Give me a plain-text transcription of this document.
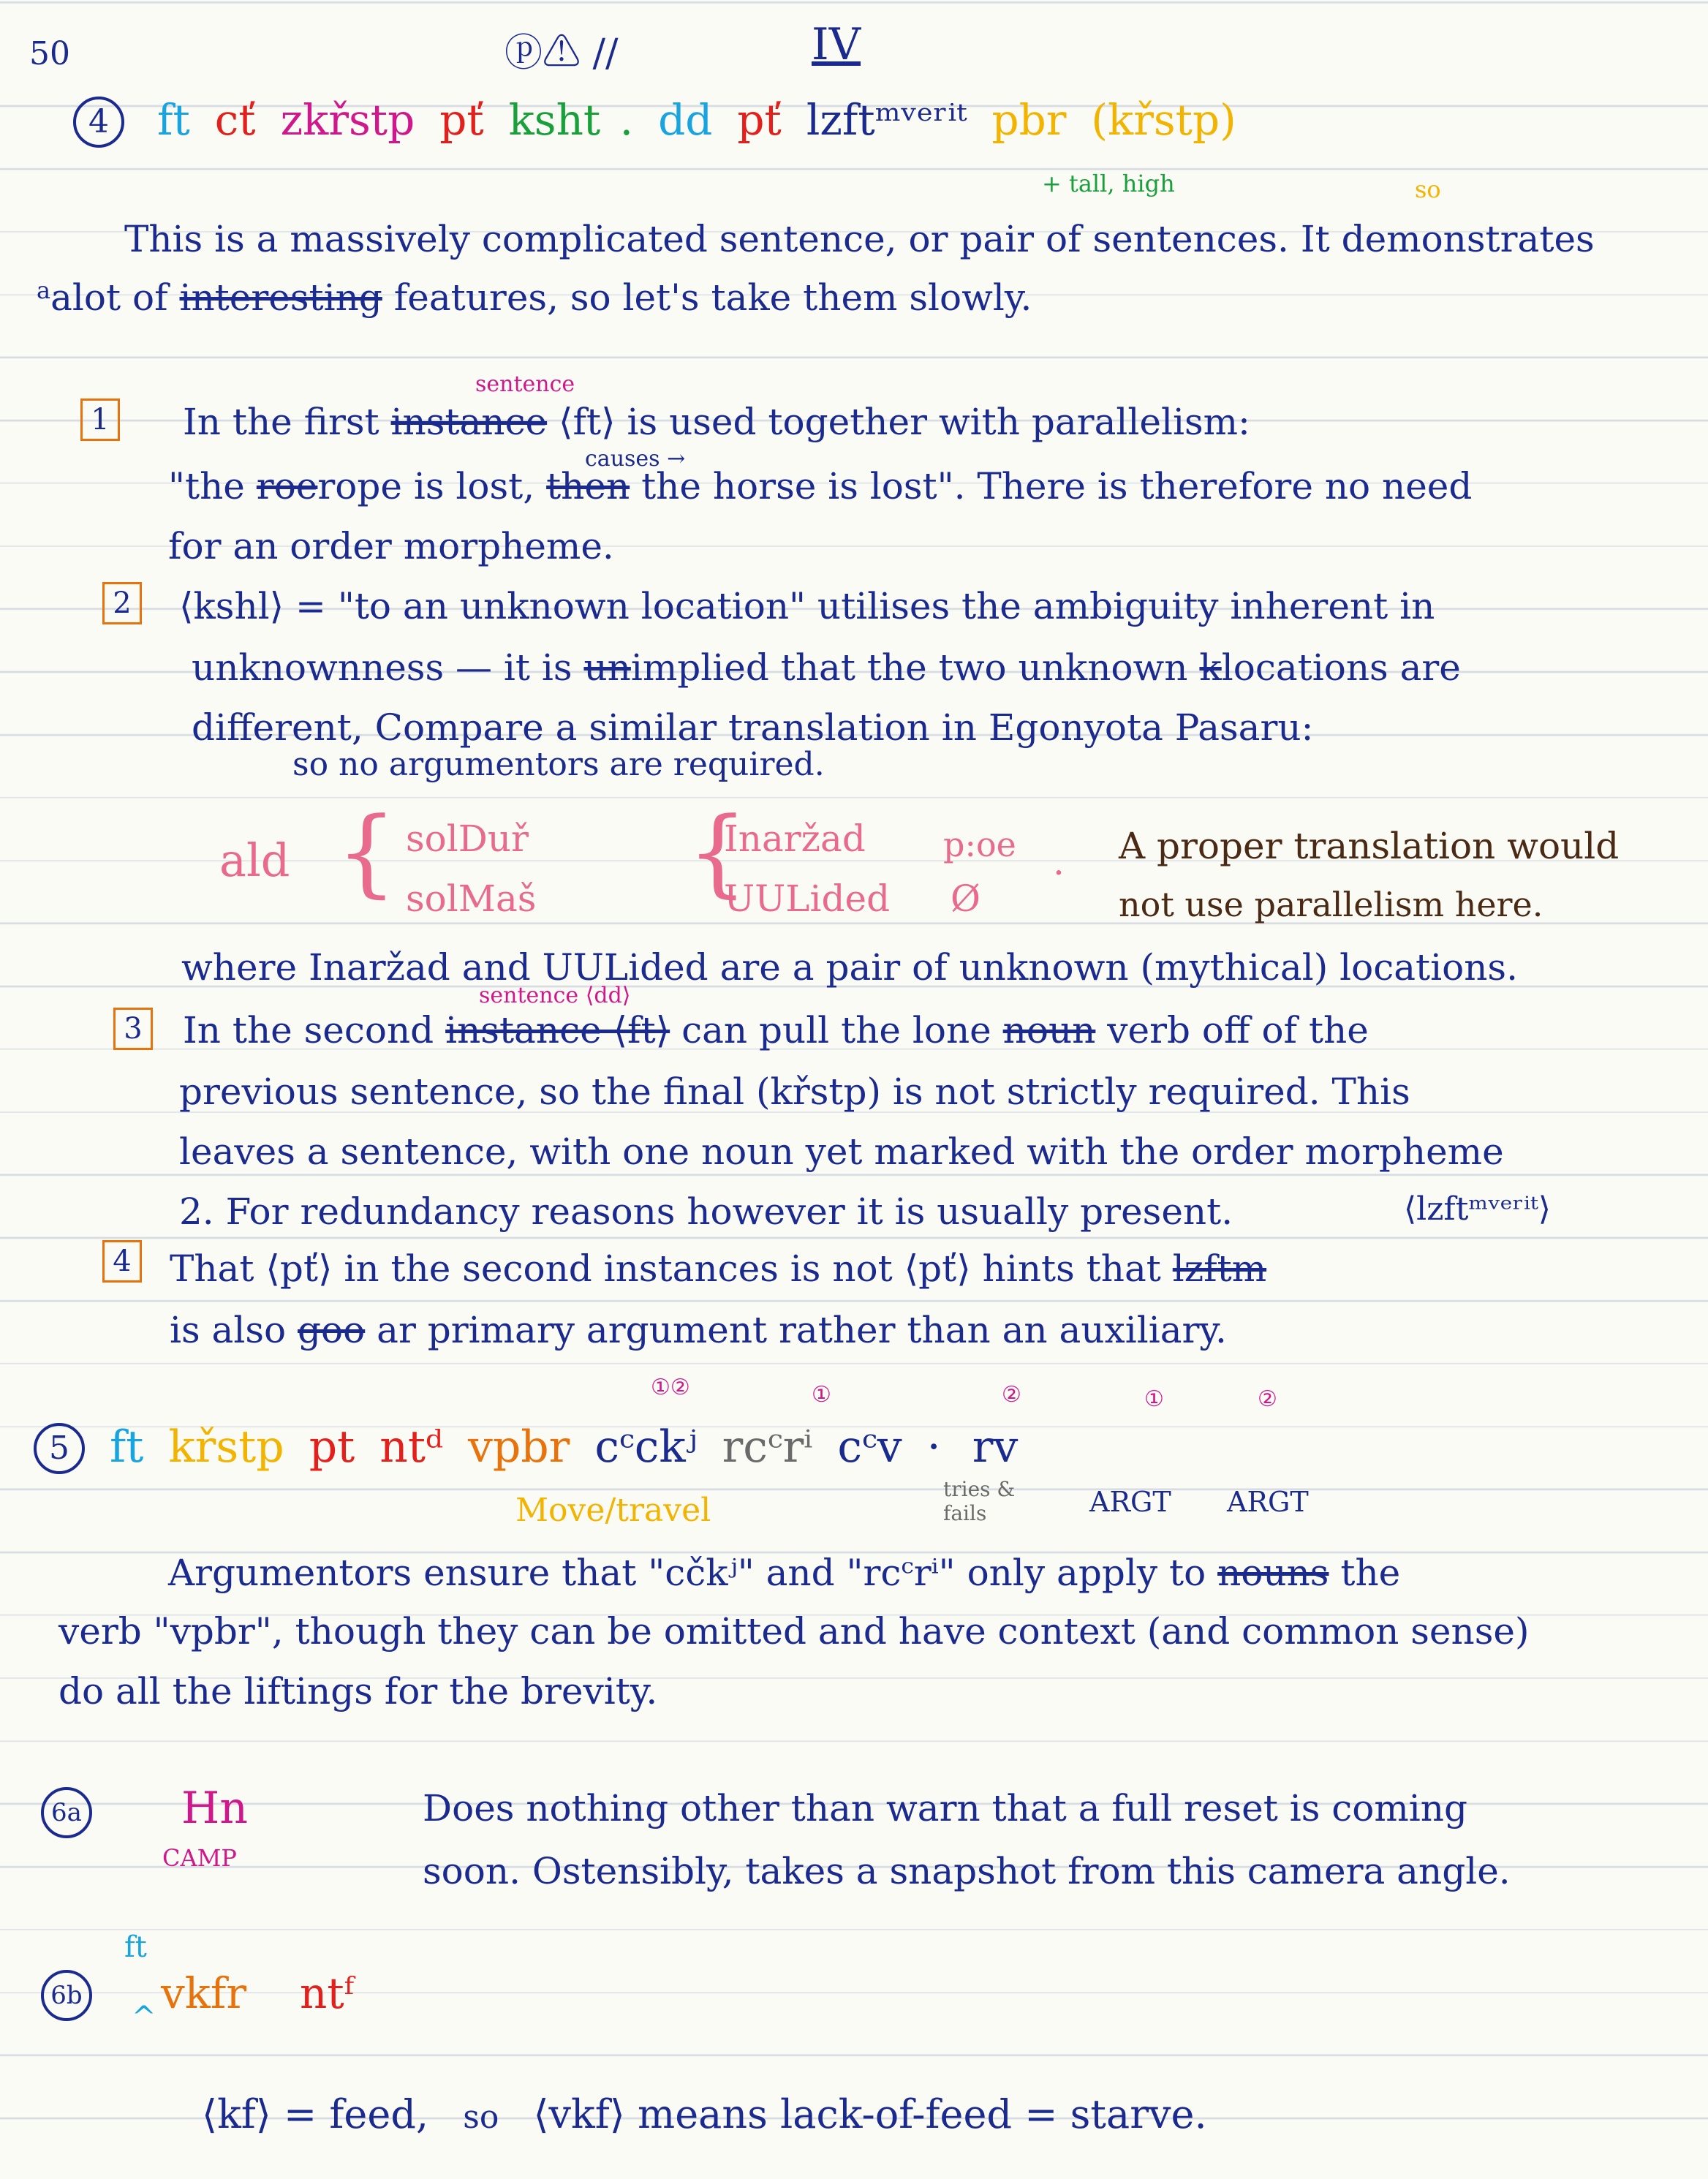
50	ⓟ⚠ //	IV
4	ft cť zkřstp pť ksht . dd pť lzftᵐᵛᵉʳⁱᵗ pbr (křstp)
+ tall, high	so
This is a massively complicated sentence, or pair of sentences. It demonstrates
$^a$alot of interesting features, so let's take them slowly.
sentence
1 In the first instance ⟨ft⟩ is used together with parallelism:
causes →
"the roerope is lost, then the horse is lost". There is therefore no need
for an order morpheme.
2 ⟨kshl⟩ = "to an unknown location" utilises the ambiguity inherent in
unknownness — it is unimplied that the two unknown klocations are
different, Compare a similar translation in Egonyota Pasaru:
so no argumentors are required.
ald { solDuř
solMaš {
Inaržad
UULided
p:oe
Ø
. A proper translation would
not use parallelism here.
where Inaržad and UULided are a pair of unknown (mythical) locations.
sentence ⟨dd⟩
3 In the second instance ⟨ft⟩ can pull the lone noun verb off of the
previous sentence, so the final (křstp) is not strictly required. This
leaves a sentence, with one noun yet marked with the order morpheme
2. For redundancy reasons however it is usually present.	⟨lzftᵐᵛᵉʳⁱᵗ⟩
4 That ⟨pť⟩ in the second instances is not ⟨pť⟩ hints that lzftm
is also goo ar primary argument rather than an auxiliary.
①②	①	②	①	②
5 ft křstp pt ntᵈ vpbr cᶜckʲ rcᶜrⁱ cᶜv · rv
Move/travel
tries & fails	ARGT ARGT
Argumentors ensure that "cčkʲ" and "rcᶜrⁱ" only apply to nouns the
verb "vpbr", though they can be omitted and have context (and common sense)
do all the liftings for the brevity.
6a Hn
CAMP
Does nothing other than warn that a full reset is coming
soon. Ostensibly, takes a snapshot from this camera angle.
ft
6b
^ vkfr ntᶠ
⟨kf⟩ = feed, so ⟨vkf⟩ means lack-of-feed = starve.
